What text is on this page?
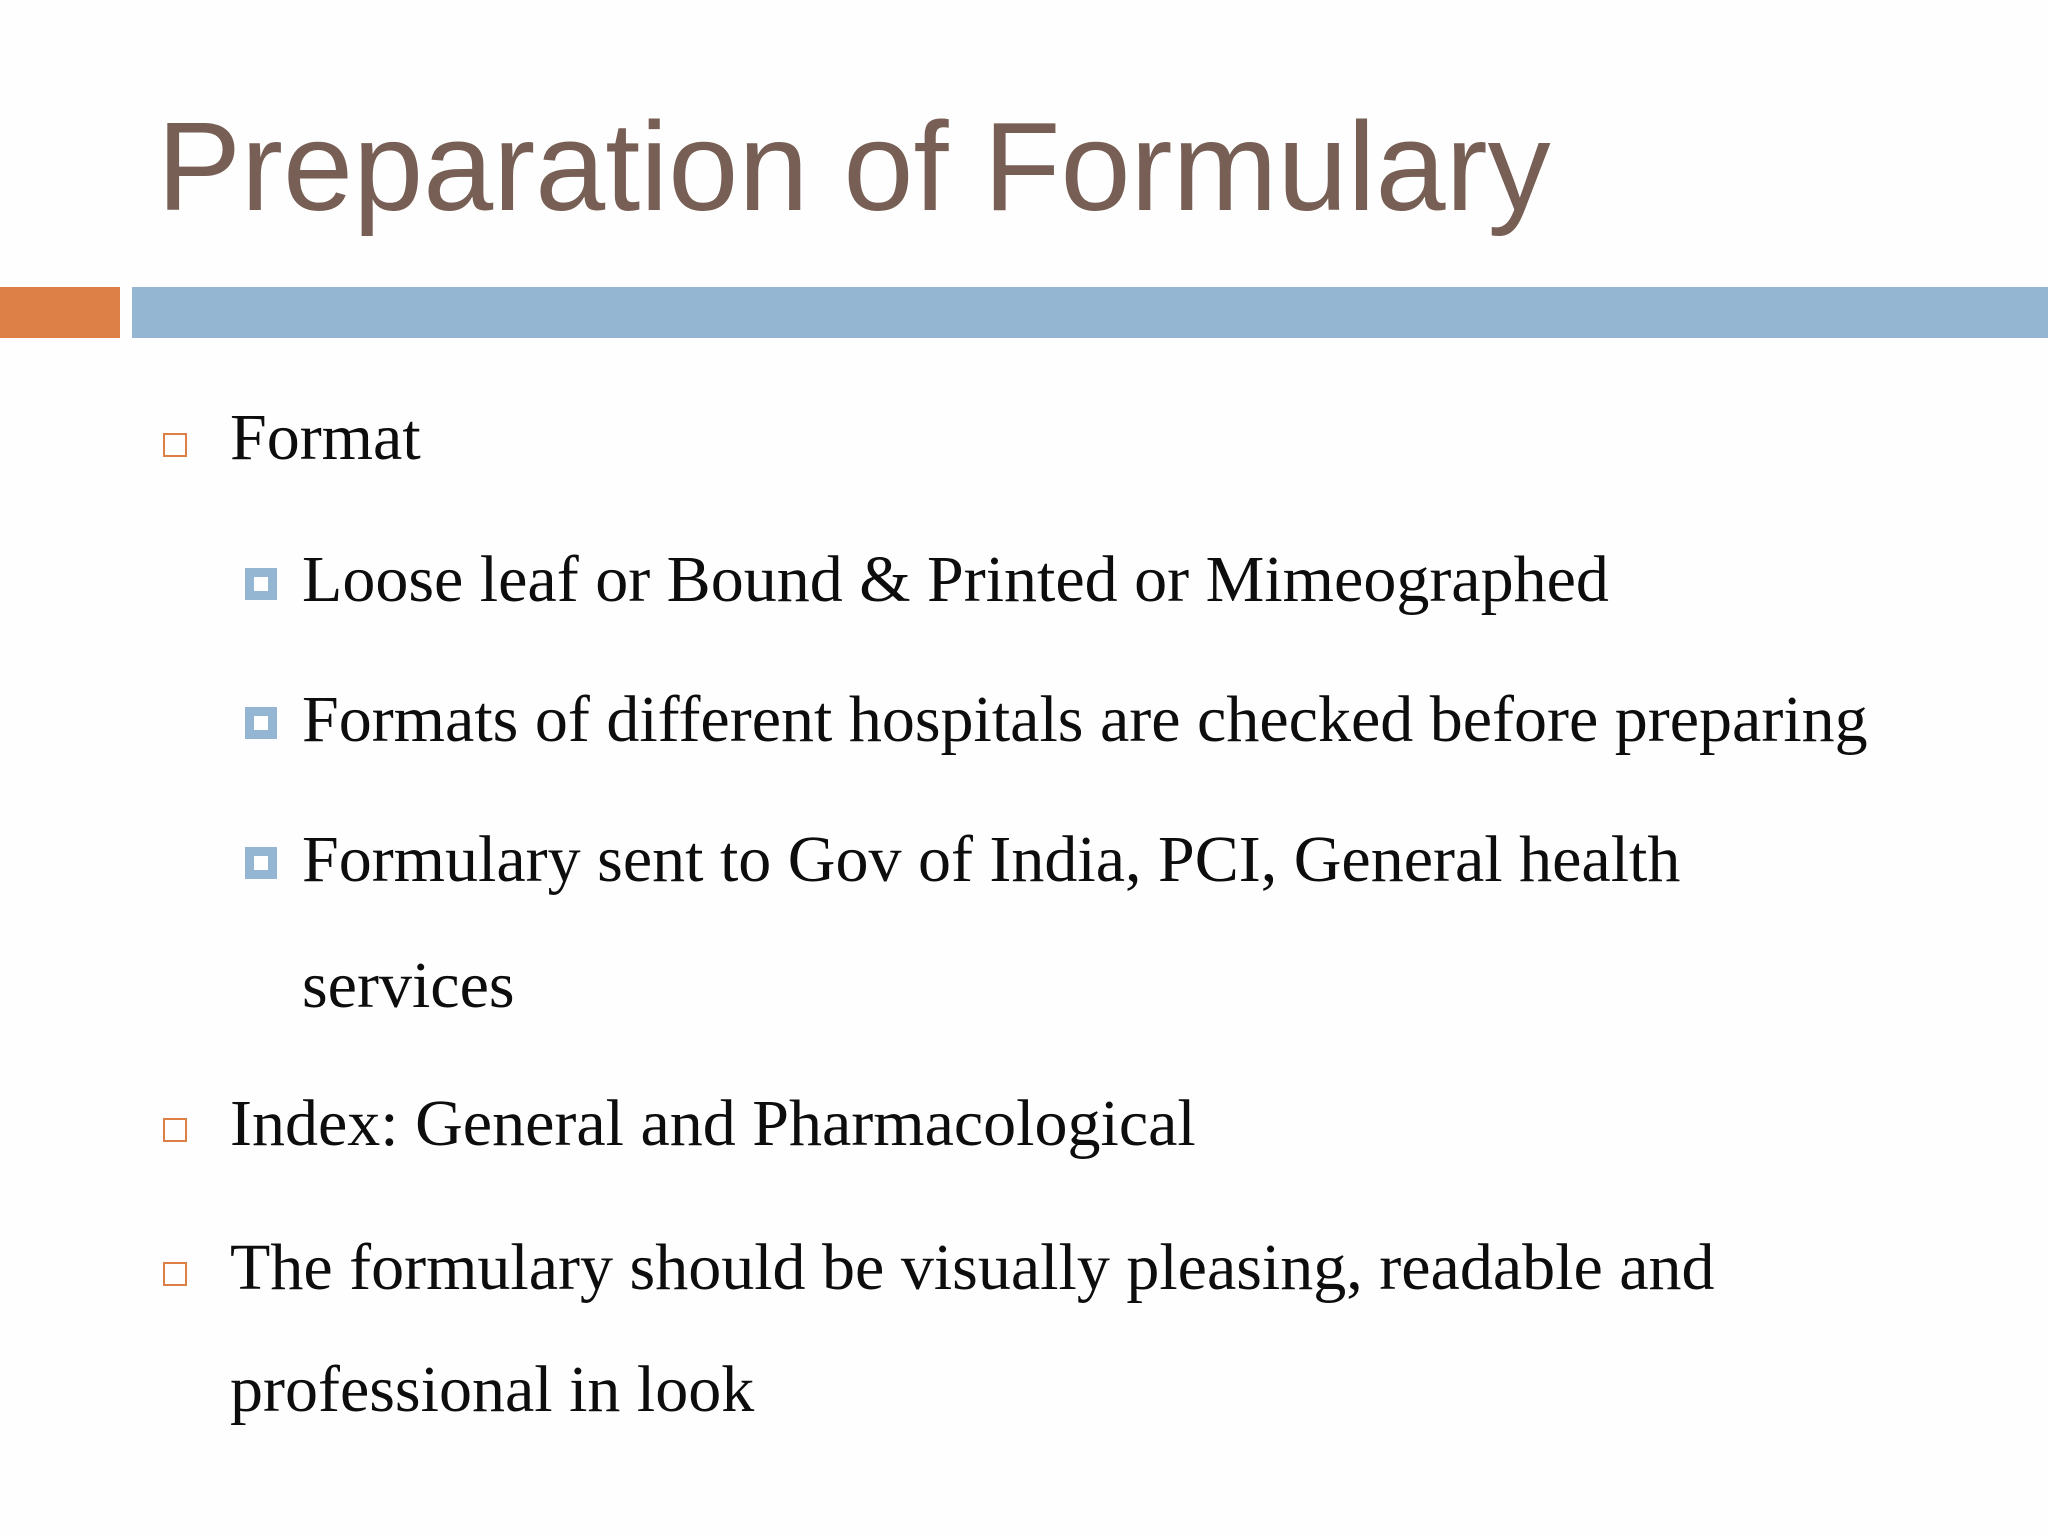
Preparation of Formulary
Format
Loose leaf or Bound & Printed or Mimeographed
Formats of different hospitals are checked before preparing
Formulary sent to Gov of India, PCI, General health
services
Index: General and Pharmacological
The formulary should be visually pleasing, readable and
professional in look
